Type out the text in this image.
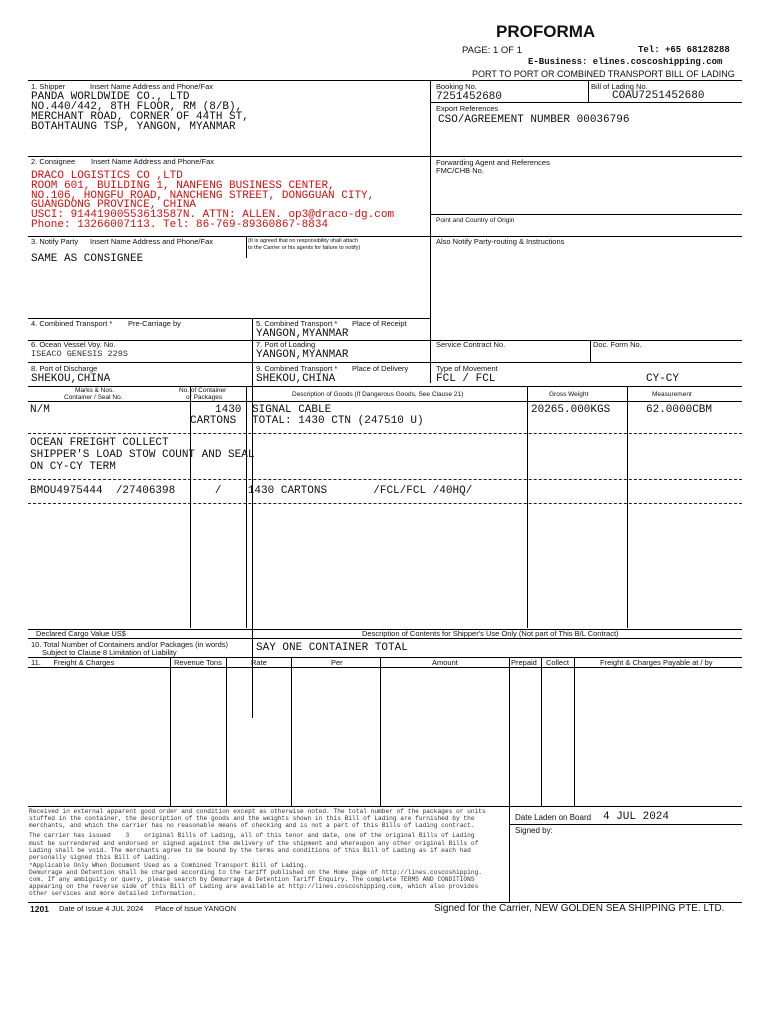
PROFORMA
PAGE: 1 OF 1	Tel: +65 68128288
E-Business: elines.coscoshipping.com
PORT TO PORT OR COMBINED TRANSPORT BILL OF LADING
1. Shipper	Insert Name Address and Phone/Fax
PANDA WORLDWIDE CO., LTD
NO.440/442, 8TH FLOOR, RM (8/B),
MERCHANT ROAD, CORNER OF 44TH ST,
BOTAHTAUNG TSP, YANGON, MYANMAR
Booking No.
7251452680
Bill of Lading No.
COAU7251452680
Export References
CSO/AGREEMENT NUMBER 00036796
2. Consignee Insert Name Address and Phone/Fax
DRACO LOGISTICS CO ,LTD
ROOM 601, BUILDING 1, NANFENG BUSINESS CENTER,
NO.106, HONGFU ROAD, NANCHENG STREET, DONGGUAN CITY,
GUANGDONG PROVINCE, CHINA
USCI: 91441900553613587N. ATTN: ALLEN. op3@draco-dg.com
Phone: 13266007113. Tel: 86-769-89360867-8834
Forwarding Agent and References
FMC/CHB No.
Point and Country of Origin
3. Notify Party Insert Name Address and Phone/Fax	(It is agreed that no responsibility shall attach
to the Carrier or his agents for failure to notify)
SAME AS CONSIGNEE
Also Notify Party-routing & Instructions
4. Combined Transport * Pre-Carriage by	5. Combined Transport * Place of Receipt
YANGON,MYANMAR
6. Ocean Vessel Voy. No.
ISEACO GENESIS 229S
7. Port of Loading
YANGON,MYANMAR
Service Contract No.	Doc. Form No.
8. Port of Discharge
SHEKOU,CHINA
9. Combined Transport * Place of Delivery
SHEKOU,CHINA
Type of Movement
FCL / FCL	CY-CY
Marks & Nos.
Container / Seal No.
No. of Container
or Packages	Description of Goods (If Dangerous Goods, See Clause 21)	Gross Weight	Measurement
N/M	1430
CARTONS
SIGNAL CABLE
TOTAL: 1430 CTN (247510 U)
20265.000KGS	62.0000CBM
OCEAN FREIGHT COLLECT
SHIPPER'S LOAD STOW COUNT AND SEAL
ON CY-CY TERM
BMOU4975444  /27406398      /    1430 CARTONS       /FCL/FCL /40HQ/
Declared Cargo Value US$	Description of Contents for Shipper's Use Only (Not part of This B/L Contract)
10. Total Number of Containers and/or Packages (in words)
Subject to Clause 8 Limitation of Liability	SAY ONE CONTAINER TOTAL
11.      Freight & Charges	Revenue Tons	Rate	Per	Amount	Prepaid Collect	Freight & Charges Payable at / by
Received in external apparent good order and condition except as otherwise noted. The total number of the packages or units
stuffed in the container, the description of the goods and the weights shown in this Bill of Lading are furnished by the
merchants, and which the carrier has no reasonable means of checking and is not a part of this Bills of Lading contract.
The carrier has issued    3    original Bills of Lading, all of this tenor and date, one of the original Bills of Lading
must be surrendered and endorsed or signed against the delivery of the shipment and whereupon any other original Bills of
Lading shall be void. The merchants agree to be bound by the terms and conditions of this Bill of Lading as if each had
personally signed this Bill of Lading.
*Applicable Only When Document Used as a Combined Transport Bill of Lading.
Demurrage and Detention shall be charged according to the tariff published on the Home page of http://lines.coscoshipping.
com. If any ambiguity or query, please search by Demurrage & Detention Tariff Enquiry. The complete TERMS AND CONDITIONS
appearing on the reverse side of this Bill of Lading are available at http://lines.coscoshipping.com, which also provides
other services and more detailed information.
Date Laden on Board 4 JUL 2024
Signed by:
1201 Date of Issue 4 JUL 2024 Place of Issue YANGON	Signed for the Carrier, NEW GOLDEN SEA SHIPPING PTE. LTD.
